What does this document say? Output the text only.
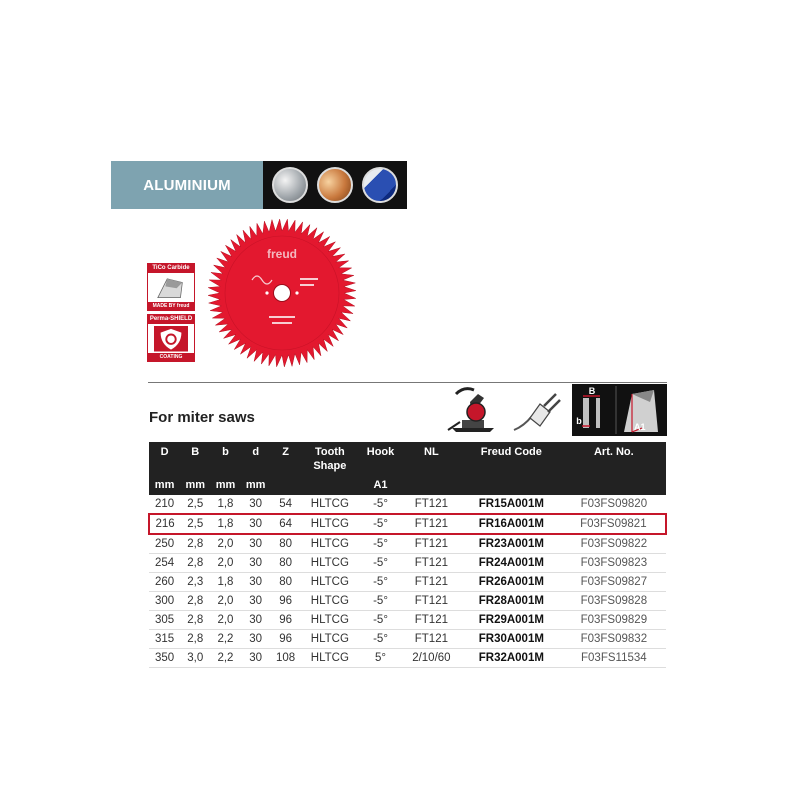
ALUMINIUM
freud
TiCo Carbide
MADE BY freud
Perma-SHIELD
COATING
For miter saws
B
b
A1
D	B	b	d	Z	Tooth
Shape	Hook	NL	Freud Code	Art. No.
mm	mm	mm	mm			A1			
210	2,5	1,8	30	54	HLTCG	-5°	FT121	FR15A001M	F03FS09820
216	2,5	1,8	30	64	HLTCG	-5°	FT121	FR16A001M	F03FS09821
250	2,8	2,0	30	80	HLTCG	-5°	FT121	FR23A001M	F03FS09822
254	2,8	2,0	30	80	HLTCG	-5°	FT121	FR24A001M	F03FS09823
260	2,3	1,8	30	80	HLTCG	-5°	FT121	FR26A001M	F03FS09827
300	2,8	2,0	30	96	HLTCG	-5°	FT121	FR28A001M	F03FS09828
305	2,8	2,0	30	96	HLTCG	-5°	FT121	FR29A001M	F03FS09829
315	2,8	2,2	30	96	HLTCG	-5°	FT121	FR30A001M	F03FS09832
350	3,0	2,2	30	108	HLTCG	5°	2/10/60	FR32A001M	F03FS11534
